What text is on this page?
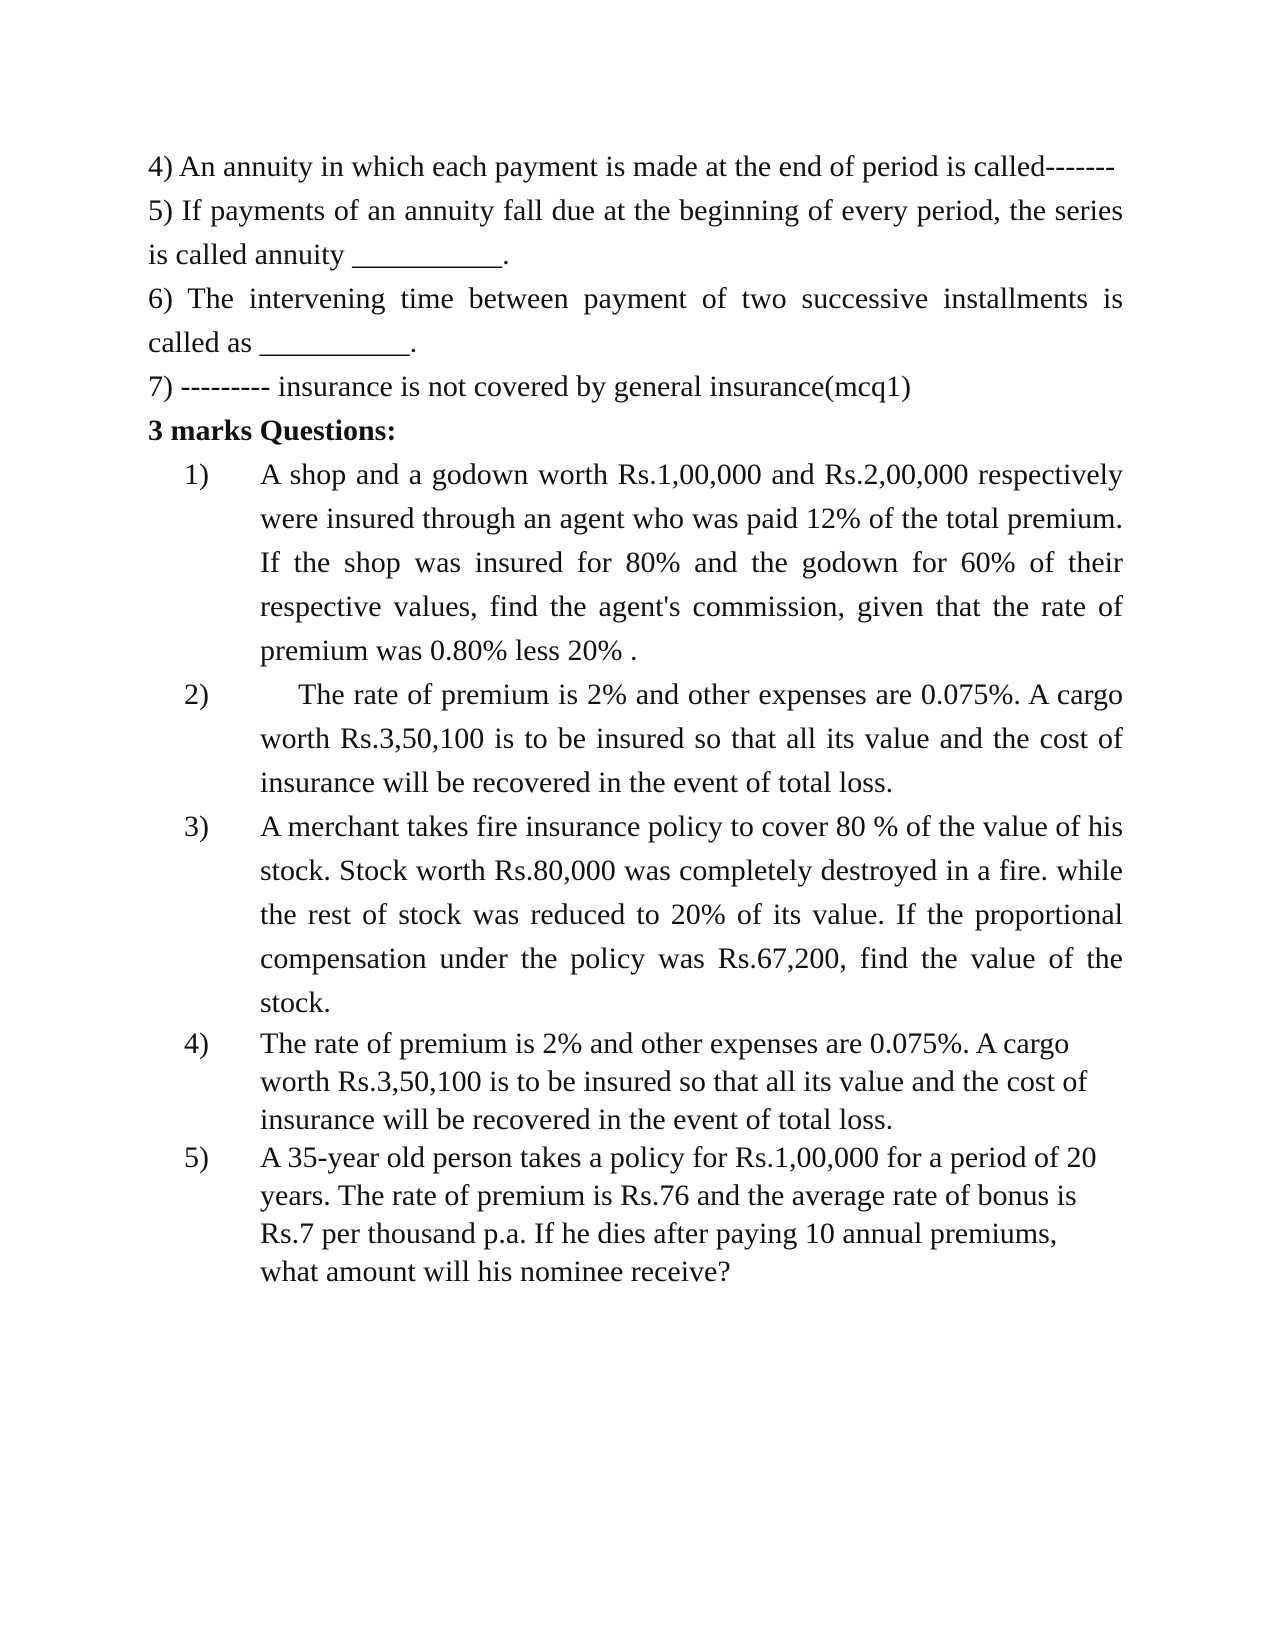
4) An annuity in which each payment is made at the end of period is called-------

5) If payments of an annuity fall due at the beginning of every period, the series is called annuity __________.

6) The intervening time between payment of two successive installments is called as __________.

7) --------- insurance is not covered by general insurance(mcq1)

3 marks Questions:

1) A shop and a godown worth Rs.1,00,000 and Rs.2,00,000 respectively were insured through an agent who was paid 12% of the total premium. If the shop was insured for 80% and the godown for 60% of their respective values, find the agent's commission, given that the rate of premium was 0.80% less 20% .
2)	The rate of premium is 2% and other expenses are 0.075%. A cargo worth Rs.3,50,100 is to be insured so that all its value and the cost of insurance will be recovered in the event of total loss.
3) A merchant takes fire insurance policy to cover 80 % of the value of his stock. Stock worth Rs.80,000 was completely destroyed in a fire. while the rest of stock was reduced to 20% of its value. If the proportional compensation under the policy was Rs.67,200, find the value of the stock.
4) The rate of premium is 2% and other expenses are 0.075%. A cargo worth Rs.3,50,100 is to be insured so that all its value and the cost of insurance will be recovered in the event of total loss.
5) A 35-year old person takes a policy for Rs.1,00,000 for a period of 20 years. The rate of premium is Rs.76 and the average rate of bonus is Rs.7 per thousand p.a. If he dies after paying 10 annual premiums, what amount will his nominee receive?
